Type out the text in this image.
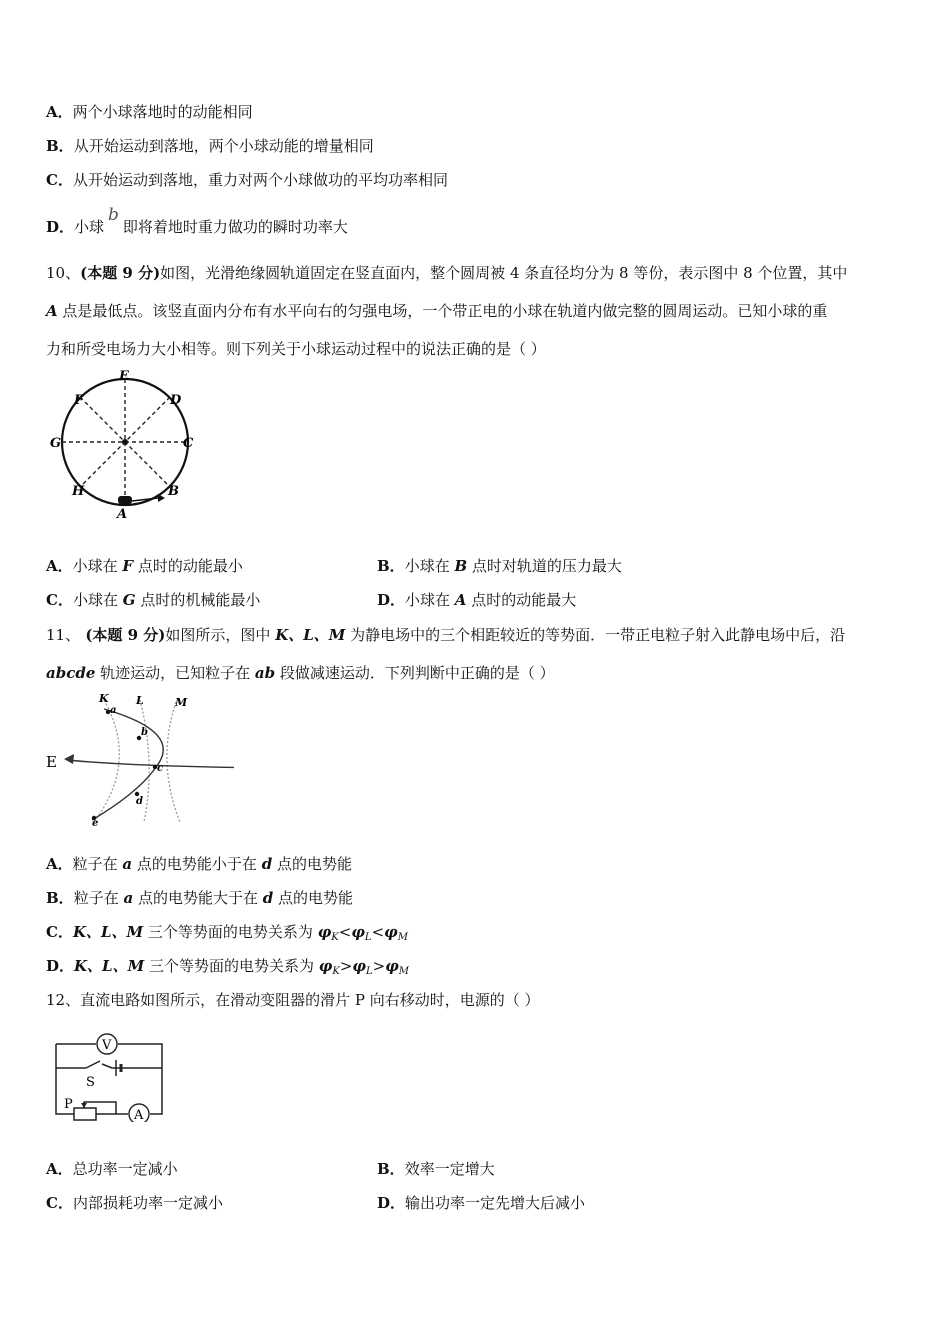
A．两个小球落地时的动能相同
B．从开始运动到落地，两个小球动能的增量相同
C．从开始运动到落地，重力对两个小球做功的平均功率相同
D．小球b即将着地时重力做功的瞬时功率大
10、(本题 9 分)如图，光滑绝缘圆轨道固定在竖直面内，整个圆周被 4 条直径均分为 8 等份，表示图中 8 个位置，其中
A 点是最低点。该竖直面内分布有水平向右的匀强电场，一个带正电的小球在轨道内做完整的圆周运动。已知小球的重
力和所受电场力大小相等。则下列关于小球运动过程中的说法正确的是（ ）
E
D
C
B
A
H
G
F
A．小球在 F 点时的动能最小	B．小球在 B 点时对轨道的压力最大
C．小球在 G 点时的机械能最小	D．小球在 A 点时的动能最大
11、 (本题 9 分)如图所示，图中 K、L、M 为静电场中的三个相距较近的等势面．一带正电粒子射入此静电场中后，沿
abcde 轨迹运动，已知粒子在 ab 段做减速运动．下列判断中正确的是（ ）
K L	M
E
a
b
c
d
e
A．粒子在 a 点的电势能小于在 d 点的电势能
B．粒子在 a 点的电势能大于在 d 点的电势能
C．K、L、M 三个等势面的电势关系为 $\varphi_K<\varphi_L<\varphi_M$
D．K、L、M 三个等势面的电势关系为 $\varphi_K>\varphi_L>\varphi_M$
12、直流电路如图所示，在滑动变阻器的滑片 P 向右移动时，电源的（ ）
V
S
P
A
A．总功率一定减小	B．效率一定增大
C．内部损耗功率一定减小	D．输出功率一定先增大后减小
